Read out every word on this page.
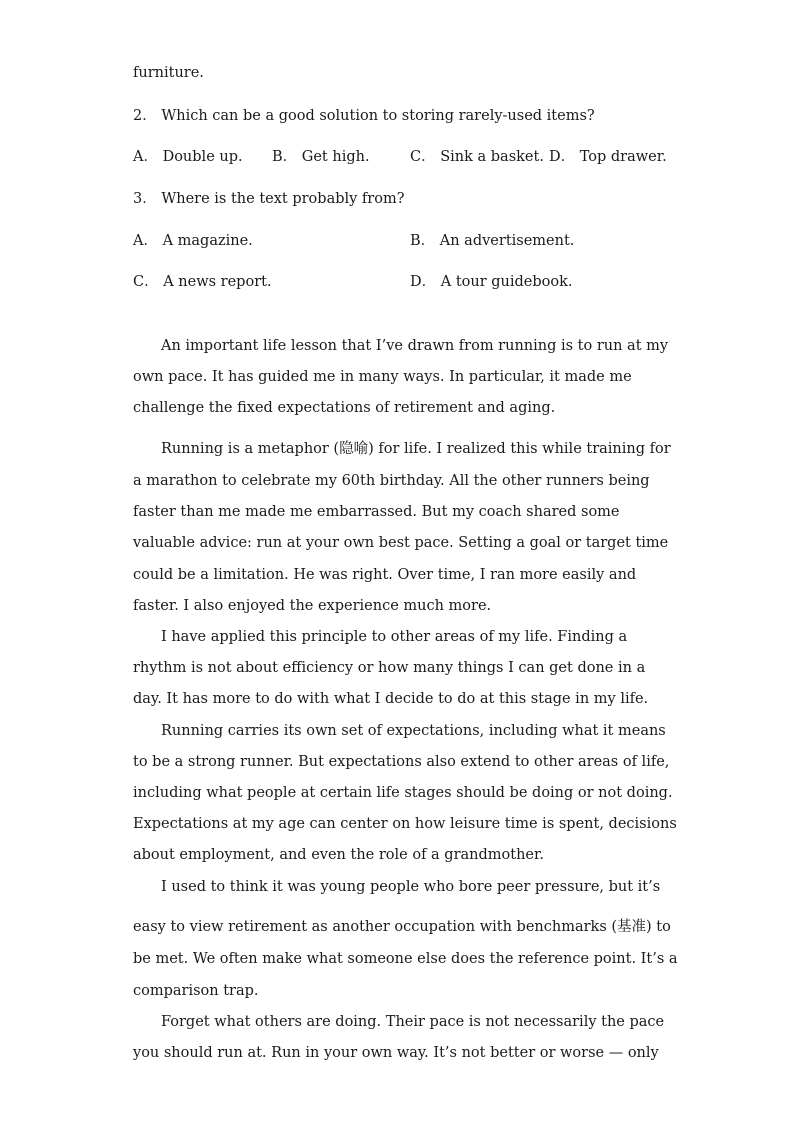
furniture.
2． Which can be a good solution to storing rarely-used items?
A． Double up. B． Get high.	C． Sink a basket. D． Top drawer.
3． Where is the text probably from?
A． A magazine.	B． An advertisement.
C． A news report.	D． A tour guidebook.
An important life lesson that I’ve drawn from running is to run at my
own pace. It has guided me in many ways. In particular, it made me
challenge the fixed expectations of retirement and aging.
Running is a metaphor (隐喻) for life. I realized this while training for
a marathon to celebrate my 60th birthday. All the other runners being
faster than me made me embarrassed. But my coach shared some
valuable advice: run at your own best pace. Setting a goal or target time
could be a limitation. He was right. Over time, I ran more easily and
faster. I also enjoyed the experience much more.
I have applied this principle to other areas of my life. Finding a
rhythm is not about efficiency or how many things I can get done in a
day. It has more to do with what I decide to do at this stage in my life.
Running carries its own set of expectations, including what it means
to be a strong runner. But expectations also extend to other areas of life,
including what people at certain life stages should be doing or not doing.
Expectations at my age can center on how leisure time is spent, decisions
about employment, and even the role of a grandmother.
I used to think it was young people who bore peer pressure, but it’s
easy to view retirement as another occupation with benchmarks (基准) to
be met. We often make what someone else does the reference point. It’s a
comparison trap.
Forget what others are doing. Their pace is not necessarily the pace
you should run at. Run in your own way. It’s not better or worse — only
